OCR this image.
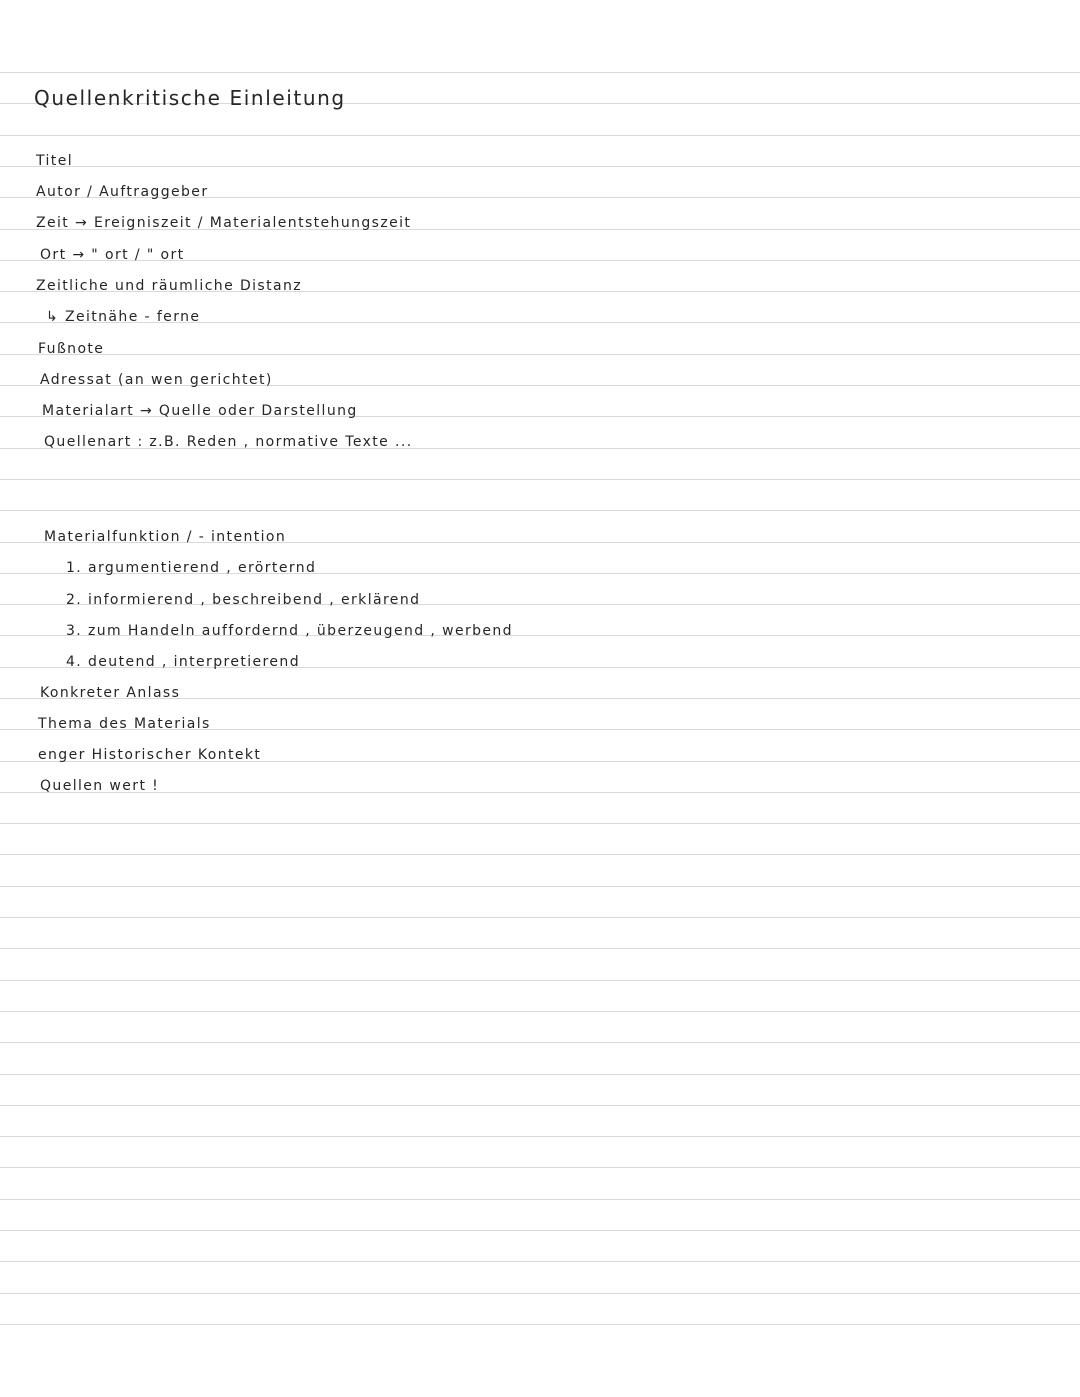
Quellenkritische Einleitung
Titel
Autor / Auftraggeber
Zeit → Ereigniszeit / Materialentstehungszeit
Ort → " ort / " ort
Zeitliche und räumliche Distanz
↳ Zeitnähe - ferne
Fußnote
Adressat (an wen gerichtet)
Materialart → Quelle oder Darstellung
Quellenart : z.B. Reden , normative Texte ...
Materialfunktion / - intention
1. argumentierend , erörternd
2. informierend , beschreibend , erklärend
3. zum Handeln auffordernd , überzeugend , werbend
4. deutend , interpretierend
Konkreter Anlass
Thema des Materials
enger Historischer Kontekt
Quellen wert !
